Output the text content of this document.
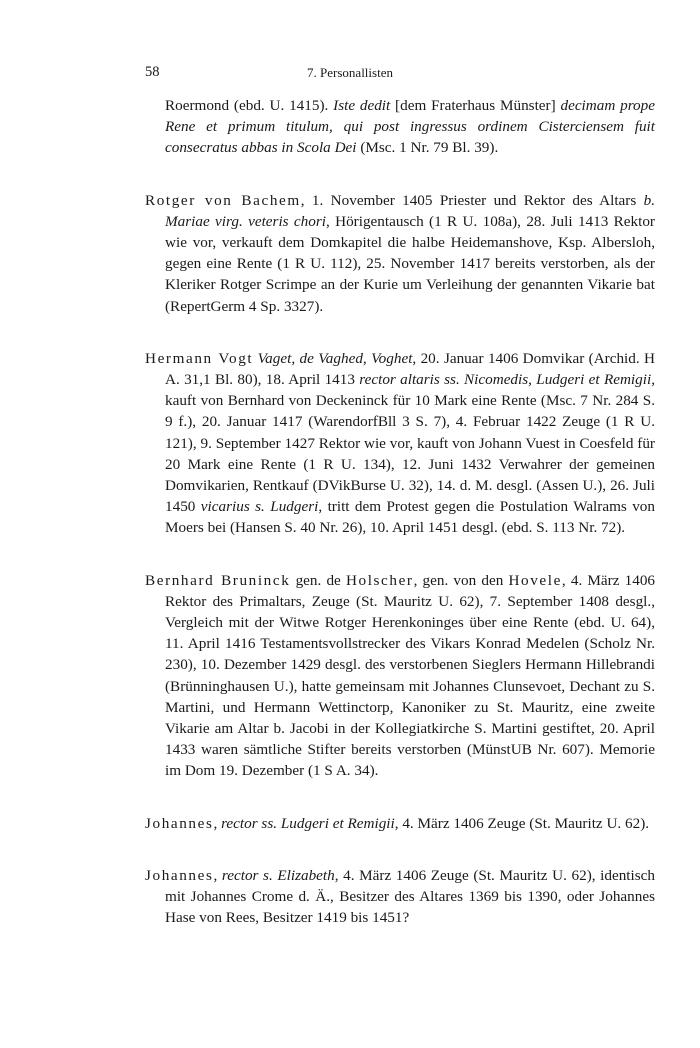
58	7. Personallisten

Roermond (ebd. U. 1415). Iste dedit [dem Fraterhaus Münster] decimam prope Rene et primum titulum, qui post ingressus ordinem Cisterciensem fuit consecratus abbas in Scola Dei (Msc. 1 Nr. 79 Bl. 39).

Rotger von Bachem, 1. November 1405 Priester und Rektor des Altars b. Mariae virg. veteris chori, Hörigentausch (1 R U. 108a), 28. Juli 1413 Rektor wie vor, verkauft dem Domkapitel die halbe Heidemanshove, Ksp. Albersloh, gegen eine Rente (1 R U. 112), 25. November 1417 bereits verstorben, als der Kleriker Rotger Scrimpe an der Kurie um Verleihung der genannten Vikarie bat (RepertGerm 4 Sp. 3327).

Hermann Vogt Vaget, de Vaghed, Voghet, 20. Januar 1406 Domvikar (Archid. H A. 31,1 Bl. 80), 18. April 1413 rector altaris ss. Nicomedis, Ludgeri et Remigii, kauft von Bernhard von Deckeninck für 10 Mark eine Rente (Msc. 7 Nr. 284 S. 9 f.), 20. Januar 1417 (WarendorfBll 3 S. 7), 4. Februar 1422 Zeuge (1 R U. 121), 9. September 1427 Rektor wie vor, kauft von Johann Vuest in Coesfeld für 20 Mark eine Rente (1 R U. 134), 12. Juni 1432 Verwahrer der gemeinen Domvikarien, Rentkauf (DVikBurse U. 32), 14. d. M. desgl. (Assen U.), 26. Juli 1450 vicarius s. Ludgeri, tritt dem Protest gegen die Postulation Walrams von Moers bei (Hansen S. 40 Nr. 26), 10. April 1451 desgl. (ebd. S. 113 Nr. 72).

Bernhard Bruninck gen. de Holscher, gen. von den Hovele, 4. März 1406 Rektor des Primaltars, Zeuge (St. Mauritz U. 62), 7. September 1408 desgl., Vergleich mit der Witwe Rotger Herenkoninges über eine Rente (ebd. U. 64), 11. April 1416 Testamentsvollstrecker des Vikars Konrad Medelen (Scholz Nr. 230), 10. Dezember 1429 desgl. des verstorbenen Sieglers Hermann Hillebrandi (Brünninghausen U.), hatte gemeinsam mit Johannes Clunsevoet, Dechant zu S. Martini, und Hermann Wettinctorp, Kanoniker zu St. Mauritz, eine zweite Vikarie am Altar b. Jacobi in der Kollegiatkirche S. Martini gestiftet, 20. April 1433 waren sämtliche Stifter bereits verstorben (MünstUB Nr. 607). Memorie im Dom 19. Dezember (1 S A. 34).

Johannes, rector ss. Ludgeri et Remigii, 4. März 1406 Zeuge (St. Mauritz U. 62).

Johannes, rector s. Elizabeth, 4. März 1406 Zeuge (St. Mauritz U. 62), identisch mit Johannes Crome d. Ä., Besitzer des Altares 1369 bis 1390, oder Johannes Hase von Rees, Besitzer 1419 bis 1451?
